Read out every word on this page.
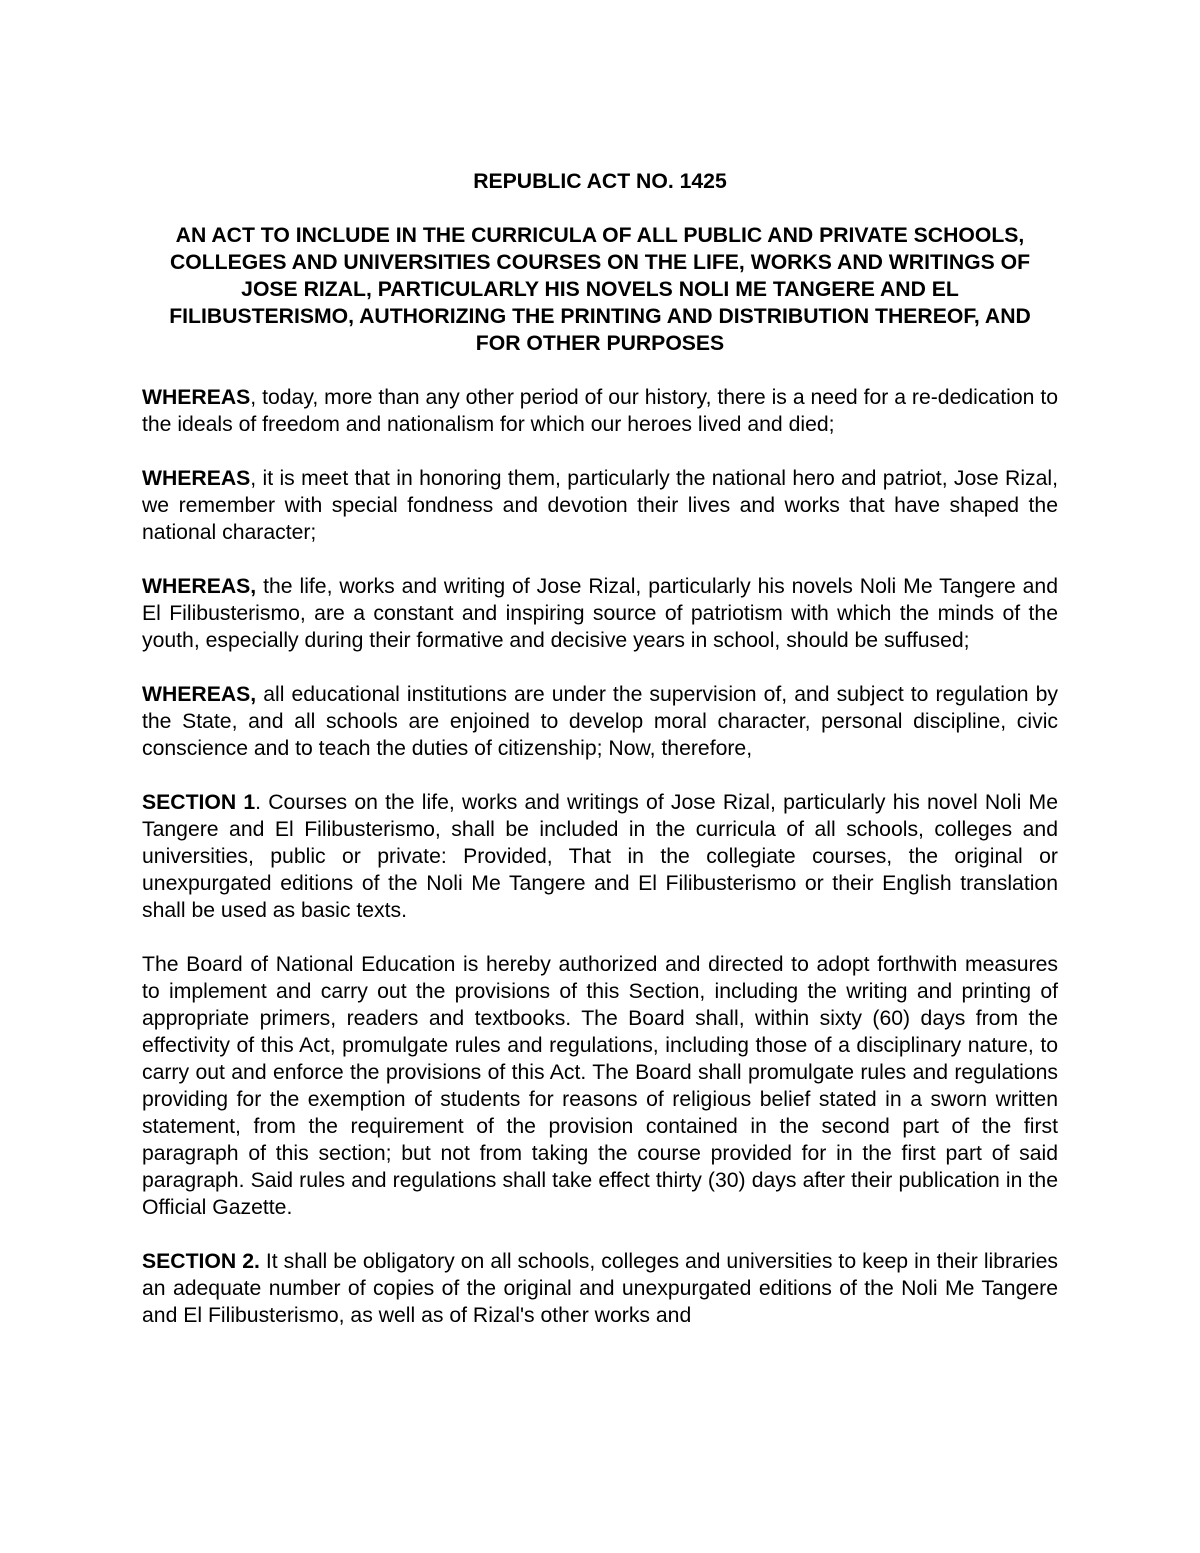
REPUBLIC ACT NO. 1425
AN ACT TO INCLUDE IN THE CURRICULA OF ALL PUBLIC AND PRIVATE SCHOOLS, COLLEGES AND UNIVERSITIES COURSES ON THE LIFE, WORKS AND WRITINGS OF JOSE RIZAL, PARTICULARLY HIS NOVELS NOLI ME TANGERE AND EL FILIBUSTERISMO, AUTHORIZING THE PRINTING AND DISTRIBUTION THEREOF, AND FOR OTHER PURPOSES

WHEREAS, today, more than any other period of our history, there is a need for a re-dedication to the ideals of freedom and nationalism for which our heroes lived and died;

WHEREAS, it is meet that in honoring them, particularly the national hero and patriot, Jose Rizal, we remember with special fondness and devotion their lives and works that have shaped the national character;

WHEREAS, the life, works and writing of Jose Rizal, particularly his novels Noli Me Tangere and El Filibusterismo, are a constant and inspiring source of patriotism with which the minds of the youth, especially during their formative and decisive years in school, should be suffused;

WHEREAS, all educational institutions are under the supervision of, and subject to regulation by the State, and all schools are enjoined to develop moral character, personal discipline, civic conscience and to teach the duties of citizenship; Now, therefore,

SECTION 1. Courses on the life, works and writings of Jose Rizal, particularly his novel Noli Me Tangere and El Filibusterismo, shall be included in the curricula of all schools, colleges and universities, public or private: Provided, That in the collegiate courses, the original or unexpurgated editions of the Noli Me Tangere and El Filibusterismo or their English translation shall be used as basic texts.

The Board of National Education is hereby authorized and directed to adopt forthwith measures to implement and carry out the provisions of this Section, including the writing and printing of appropriate primers, readers and textbooks. The Board shall, within sixty (60) days from the effectivity of this Act, promulgate rules and regulations, including those of a disciplinary nature, to carry out and enforce the provisions of this Act. The Board shall promulgate rules and regulations providing for the exemption of students for reasons of religious belief stated in a sworn written statement, from the requirement of the provision contained in the second part of the first paragraph of this section; but not from taking the course provided for in the first part of said paragraph. Said rules and regulations shall take effect thirty (30) days after their publication in the Official Gazette.

SECTION 2. It shall be obligatory on all schools, colleges and universities to keep in their libraries an adequate number of copies of the original and unexpurgated editions of the Noli Me Tangere and El Filibusterismo, as well as of Rizal's other works and
